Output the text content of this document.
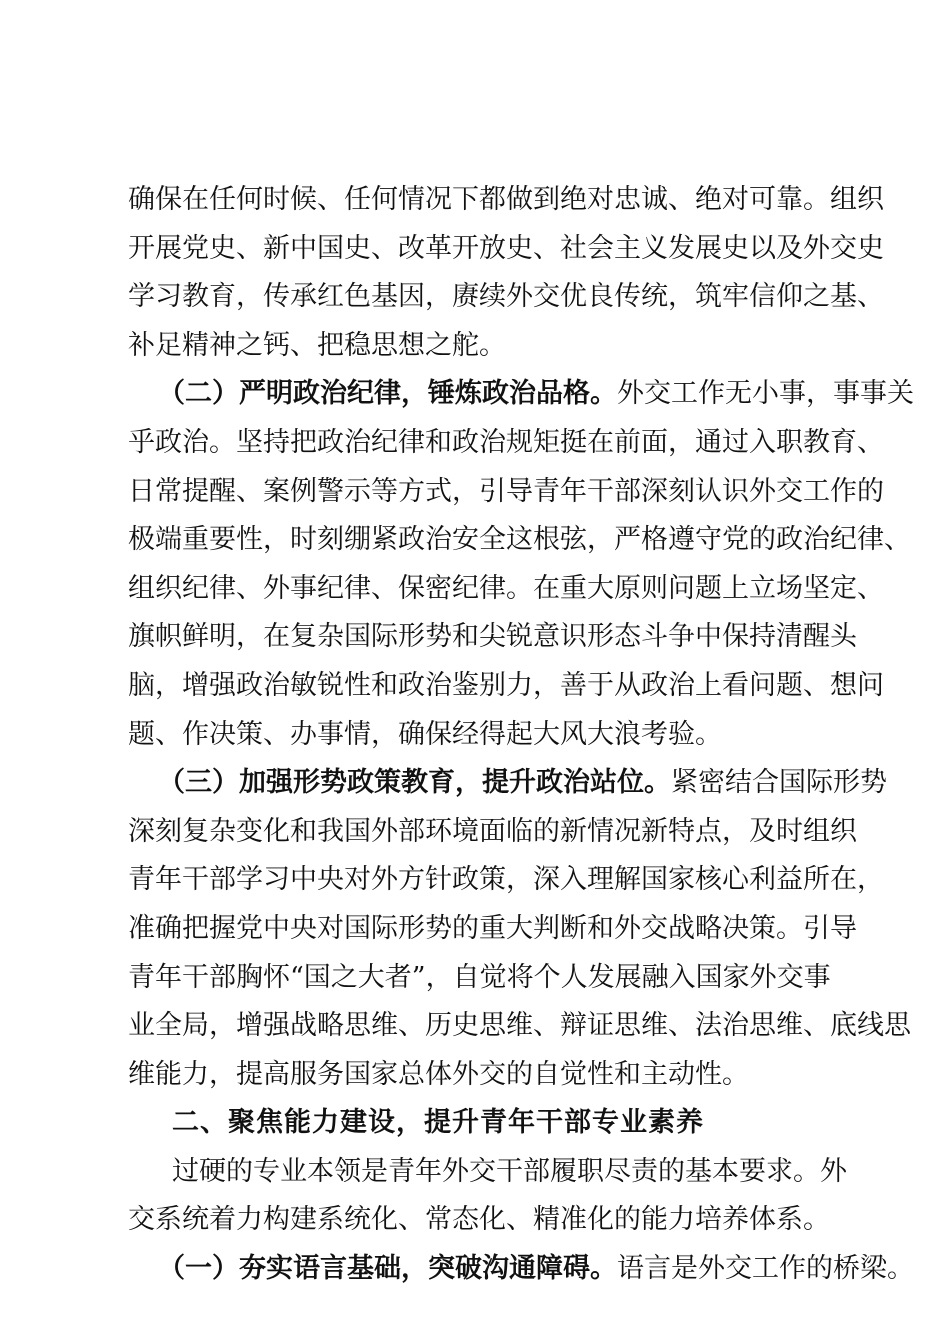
确保在任何时候、任何情况下都做到绝对忠诚、绝对可靠。组织
开展党史、新中国史、改革开放史、社会主义发展史以及外交史
学习教育，传承红色基因，赓续外交优良传统，筑牢信仰之基、
补足精神之钙、把稳思想之舵。
（二）严明政治纪律，锤炼政治品格。外交工作无小事，事事关
乎政治。坚持把政治纪律和政治规矩挺在前面，通过入职教育、
日常提醒、案例警示等方式，引导青年干部深刻认识外交工作的
极端重要性，时刻绷紧政治安全这根弦，严格遵守党的政治纪律、
组织纪律、外事纪律、保密纪律。在重大原则问题上立场坚定、
旗帜鲜明，在复杂国际形势和尖锐意识形态斗争中保持清醒头
脑，增强政治敏锐性和政治鉴别力，善于从政治上看问题、想问
题、作决策、办事情，确保经得起大风大浪考验。
（三）加强形势政策教育，提升政治站位。紧密结合国际形势
深刻复杂变化和我国外部环境面临的新情况新特点，及时组织
青年干部学习中央对外方针政策，深入理解国家核心利益所在，
准确把握党中央对国际形势的重大判断和外交战略决策。引导
青年干部胸怀“国之大者”，自觉将个人发展融入国家外交事
业全局，增强战略思维、历史思维、辩证思维、法治思维、底线思
维能力，提高服务国家总体外交的自觉性和主动性。
二、聚焦能力建设，提升青年干部专业素养
过硬的专业本领是青年外交干部履职尽责的基本要求。外
交系统着力构建系统化、常态化、精准化的能力培养体系。
（一）夯实语言基础，突破沟通障碍。语言是外交工作的桥梁。
